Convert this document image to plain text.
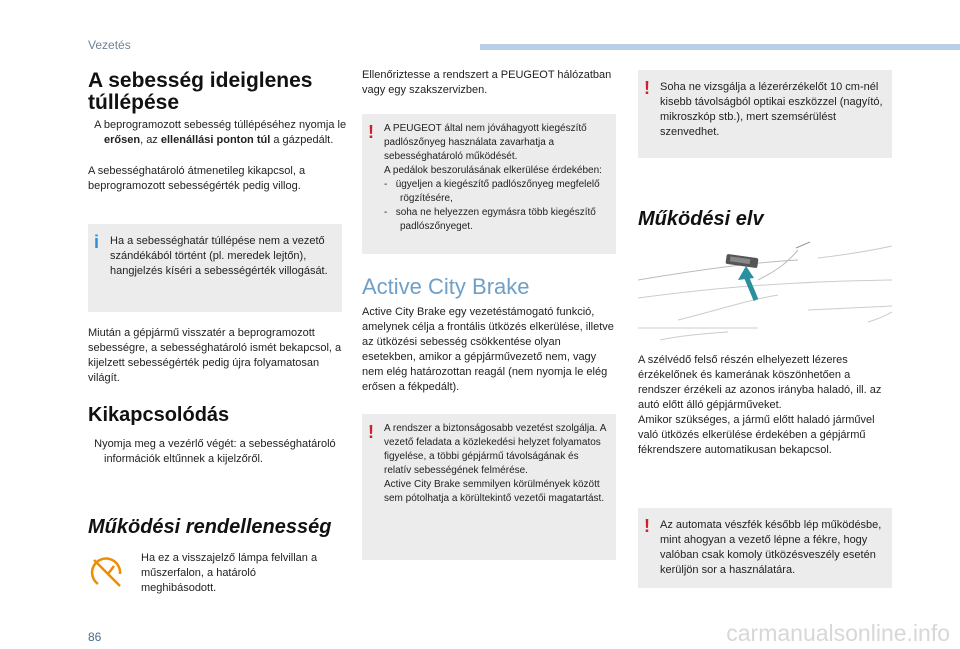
Vezetés
86	carmanualsonline.info
A sebesség ideiglenes túllépése
A beprogramozott sebesség túllépéséhez nyomja le erősen, az ellenállási ponton túl a gázpedált.
A sebességhatároló átmenetileg kikapcsol, a beprogramozott sebességérték pedig villog.
i Ha a sebességhatár túllépése nem a vezető szándékából történt (pl. meredek lejtőn), hangjelzés kíséri a sebességérték villogását.
Miután a gépjármű visszatér a beprogramozott sebességre, a sebességhatároló ismét bekapcsol, a kijelzett sebességérték pedig újra folyamatosan világít.
Kikapcsolódás
Nyomja meg a vezérlő végét: a sebességhatároló információk eltűnnek a kijelzőről.
Működési rendellenesség
Ha ez a visszajelző lámpa felvillan a műszerfalon, a határoló meghibásodott.
Ellenőriztesse a rendszert a PEUGEOT hálózatban vagy egy szakszervizben.
! A PEUGEOT által nem jóváhagyott kiegészítő padlószőnyeg használata zavarhatja a sebességhatároló működését.
A pedálok beszorulásának elkerülése érdekében:
- ügyeljen a kiegészítő padlószőnyeg megfelelő rögzítésére,
- soha ne helyezzen egymásra több kiegészítő padlószőnyeget.
Active City Brake
Active City Brake egy vezetéstámogató funkció, amelynek célja a frontális ütközés elkerülése, illetve az ütközési sebesség csökkentése olyan esetekben, amikor a gépjárművezető nem, vagy nem elég határozottan reagál (nem nyomja le elég erősen a fékpedált).
! A rendszer a biztonságosabb vezetést szolgálja. A vezető feladata a közlekedési helyzet folyamatos figyelése, a többi gépjármű távolságának és relatív sebességének felmérése.
Active City Brake semmilyen körülmények között sem pótolhatja a körültekintő vezetői magatartást.
! Soha ne vizsgálja a lézerérzékelőt 10 cm-nél kisebb távolságból optikai eszközzel (nagyító, mikroszkóp stb.), mert szemsérülést szenvedhet.
Működési elv
A szélvédő felső részén elhelyezett lézeres érzékelőnek és kamerának köszönhetően a rendszer érzékeli az azonos irányba haladó, ill. az autó előtt álló gépjárműveket.
Amikor szükséges, a jármű előtt haladó járművel való ütközés elkerülése érdekében a gépjármű fékrendszere automatikusan bekapcsol.
! Az automata vészfék később lép működésbe, mint ahogyan a vezető lépne a fékre, hogy valóban csak komoly ütközésveszély esetén kerüljön sor a használatára.
